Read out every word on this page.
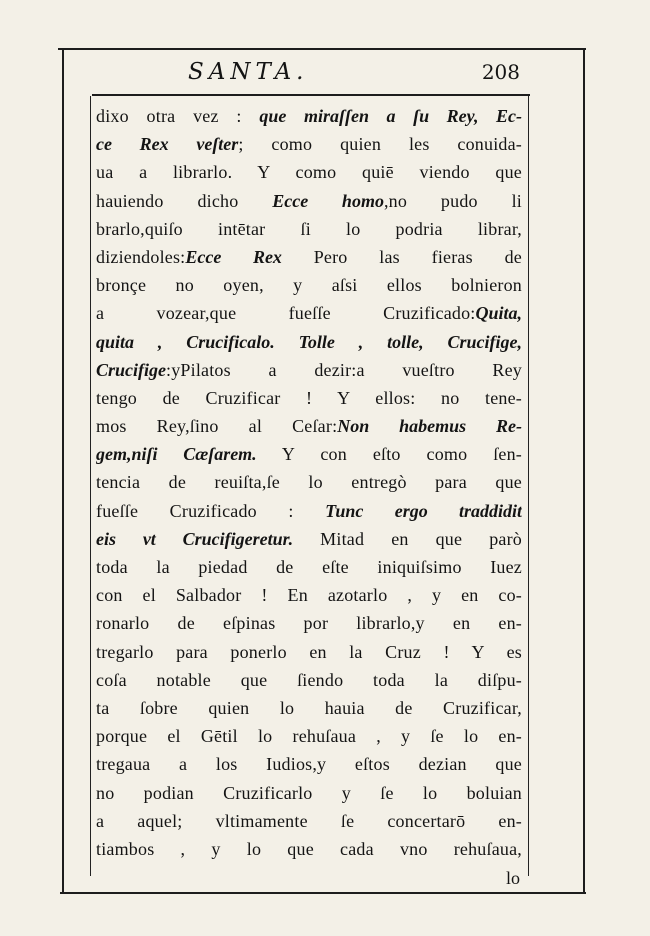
SANTA.	208
dixo otra vez : que miraſſen a ſu Rey, Ec-
ce Rex veſter; como quien les conuida-
ua a librarlo. Y como quiē viendo que
hauiendo dicho Ecce homo,no pudo li
brarlo,quiſo intētar ſi lo podria librar,
diziendoles:Ecce Rex Pero las fieras de
bronçe no oyen, y aſsi ellos bolnieron
a vozear,que fueſſe Cruzificado:Quita,
quita , Crucificalo. Tolle , tolle, Crucifige,
Crucifige:yPilatos a dezir:a vueſtro Rey
tengo de Cruzificar ! Y ellos: no tene-
mos Rey,ſino al Ceſar:Non habemus Re-
gem,niſi Cæſarem. Y con eſto como ſen-
tencia de reuiſta,ſe lo entregò para que
fueſſe Cruzificado : Tunc ergo traddidit
eis vt Crucifigeretur. Mitad en que parò
toda la piedad de eſte iniquiſsimo Iuez
con el Salbador ! En azotarlo , y en co-
ronarlo de eſpinas por librarlo,y en en-
tregarlo para ponerlo en la Cruz ! Y es
coſa notable que ſiendo toda la diſpu-
ta ſobre quien lo hauia de Cruzificar,
porque el Gētil lo rehuſaua , y ſe lo en-
tregaua a los Iudios,y eſtos dezian que
no podian Cruzificarlo y ſe lo boluian
a aquel; vltimamente ſe concertarō en-
tiambos , y lo que cada vno rehuſaua,
lo
